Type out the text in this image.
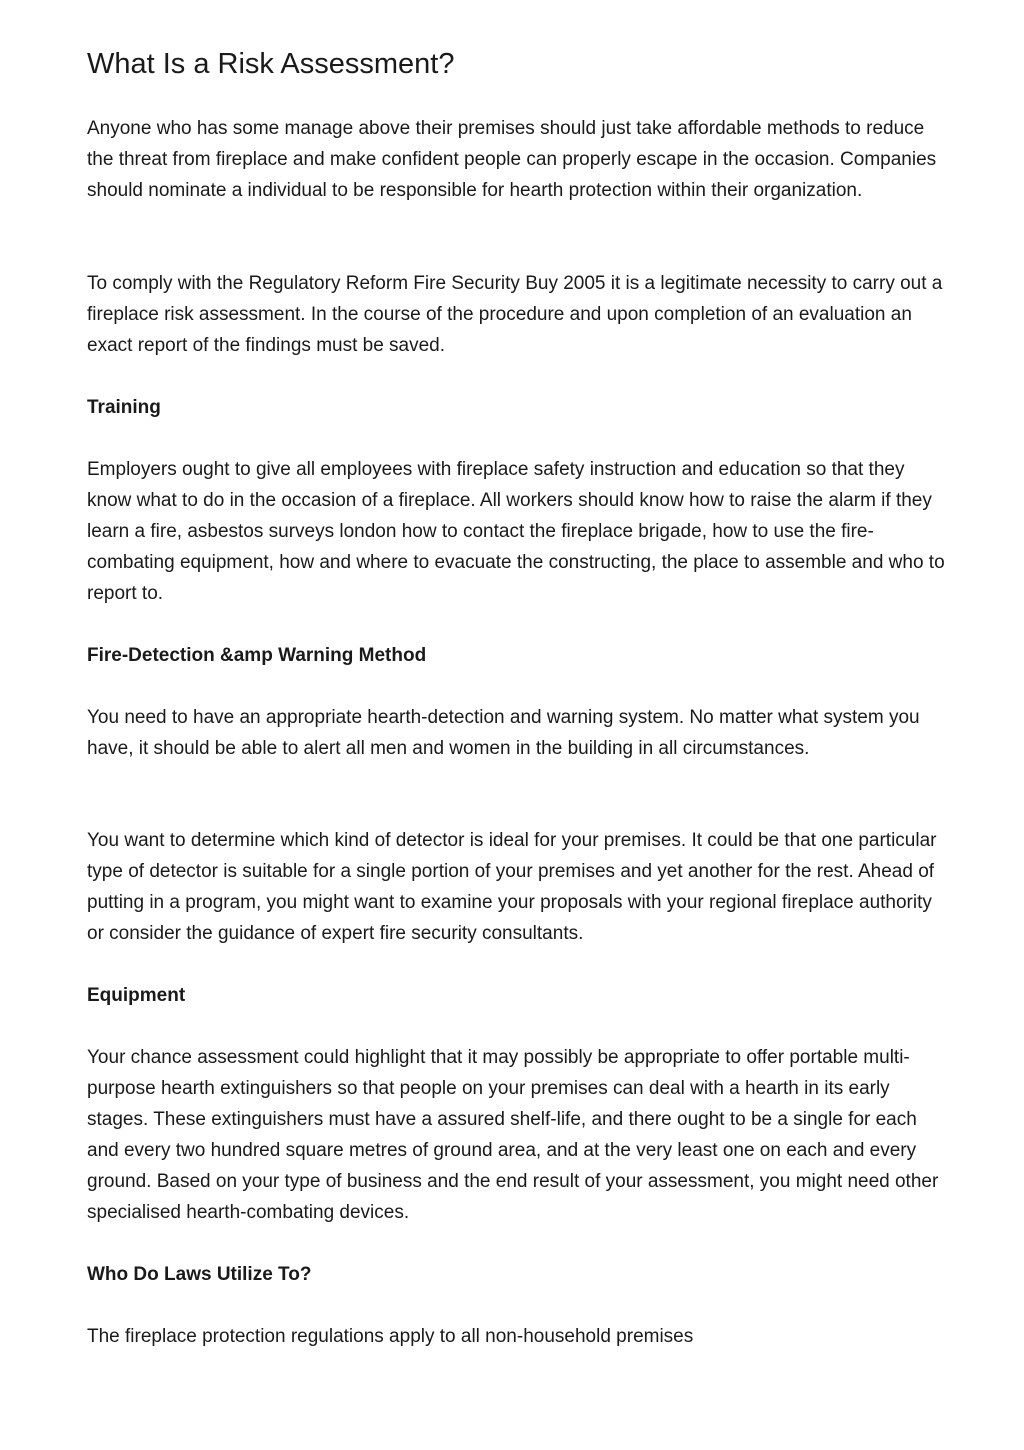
What Is a Risk Assessment?

Anyone who has some manage above their premises should just take affordable methods to reduce the threat from fireplace and make confident people can properly escape in the occasion. Companies should nominate a individual to be responsible for hearth protection within their organization.

To comply with the Regulatory Reform Fire Security Buy 2005 it is a legitimate necessity to carry out a fireplace risk assessment. In the course of the procedure and upon completion of an evaluation an exact report of the findings must be saved.

Training

Employers ought to give all employees with fireplace safety instruction and education so that they know what to do in the occasion of a fireplace. All workers should know how to raise the alarm if they learn a fire, asbestos surveys london how to contact the fireplace brigade, how to use the fire-combating equipment, how and where to evacuate the constructing, the place to assemble and who to report to.

Fire-Detection &amp Warning Method

You need to have an appropriate hearth-detection and warning system. No matter what system you have, it should be able to alert all men and women in the building in all circumstances.

You want to determine which kind of detector is ideal for your premises. It could be that one particular type of detector is suitable for a single portion of your premises and yet another for the rest. Ahead of putting in a program, you might want to examine your proposals with your regional fireplace authority or consider the guidance of expert fire security consultants.

Equipment

Your chance assessment could highlight that it may possibly be appropriate to offer portable multi-purpose hearth extinguishers so that people on your premises can deal with a hearth in its early stages. These extinguishers must have a assured shelf-life, and there ought to be a single for each and every two hundred square metres of ground area, and at the very least one on each and every ground. Based on your type of business and the end result of your assessment, you might need other specialised hearth-combating devices.

Who Do Laws Utilize To?

The fireplace protection regulations apply to all non-household premises
